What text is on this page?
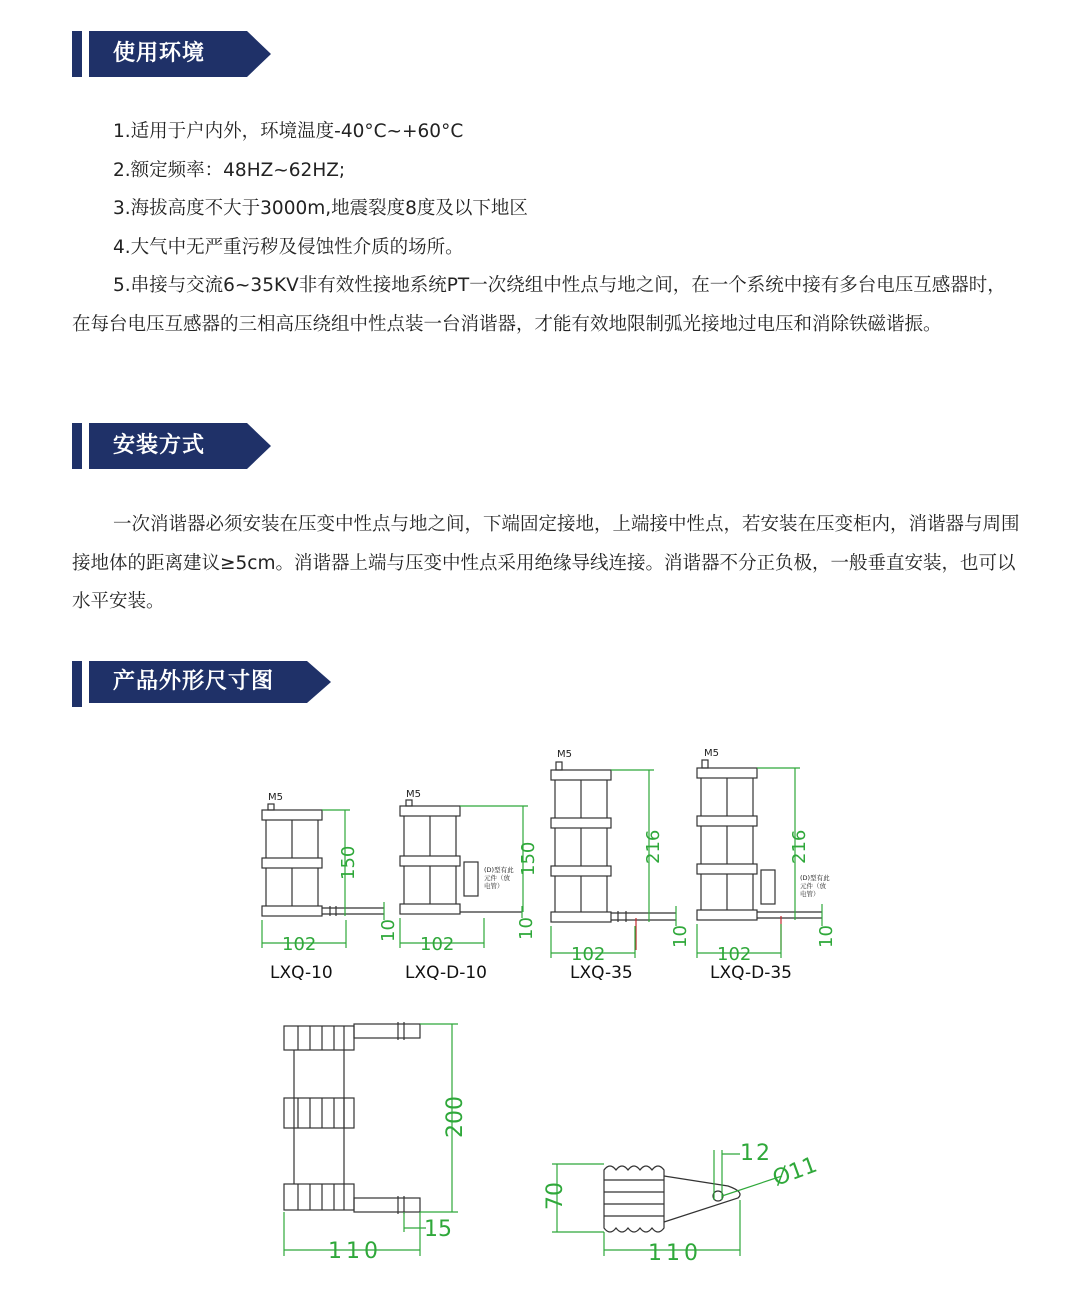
使用环境

1.适用于户内外，环境温度-40°C~+60°C

2.额定频率：48HZ~62HZ;

3.海拔高度不大于3000m,地震裂度8度及以下地区

4.大气中无严重污秽及侵蚀性介质的场所。

5.串接与交流6~35KV非有效性接地系统PT一次绕组中性点与地之间，在一个系统中接有多台电压互感器时，在每台电压互感器的三相高压绕组中性点装一台消谐器，才能有效地限制弧光接地过电压和消除铁磁谐振。

安装方式

一次消谐器必须安装在压变中性点与地之间，下端固定接地，上端接中性点，若安装在压变柜内，消谐器与周围接地体的距离建议≥5cm。消谐器上端与压变中性点采用绝缘导线连接。消谐器不分正负极，一般垂直安装，也可以水平安装。

产品外形尺寸图
LXQ-10	LXQ-D-10	LXQ-35	LXQ-D-35
M5	M5
M5	M5
(D)型有此
元件（放
电管）
(D)型有此
元件（放
电管）
102	102	102	102
150	150	216	216
10	10	10	10
200
110
15
70
110
12
Ø11
